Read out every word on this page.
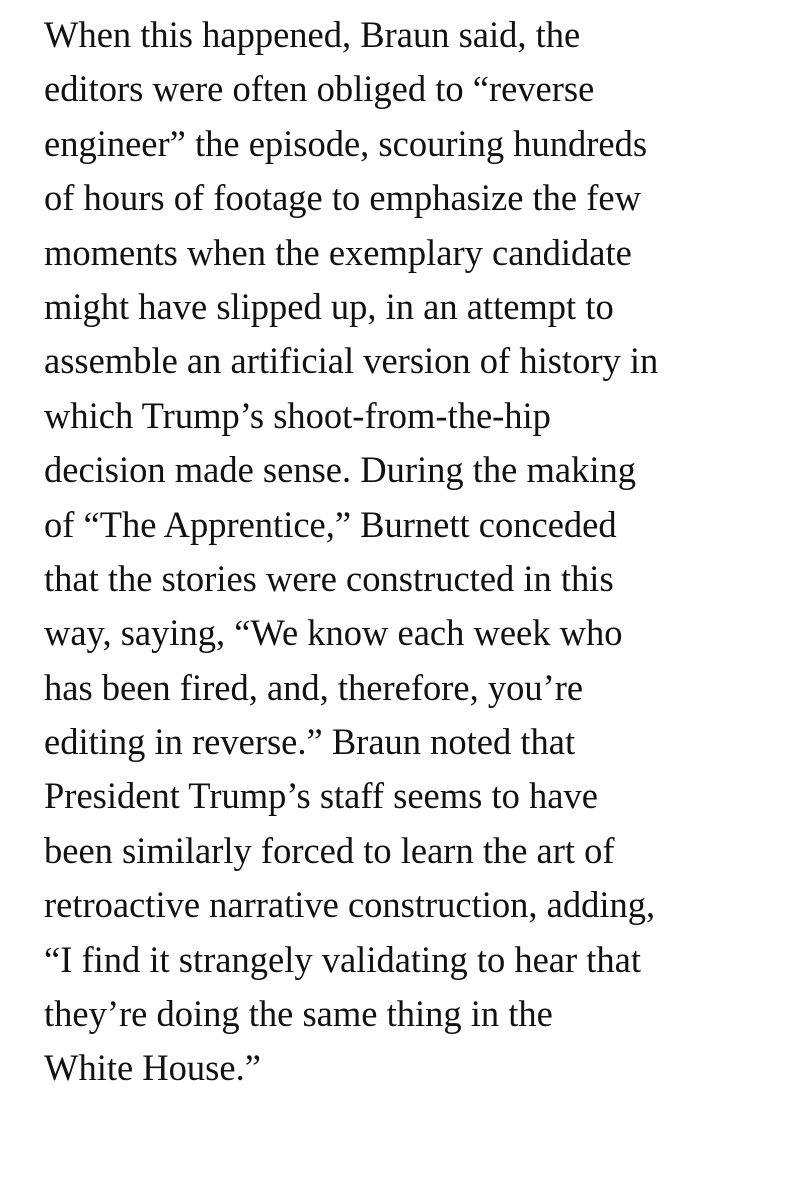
When this happened, Braun said, the
editors were often obliged to “reverse
engineer” the episode, scouring hundreds
of hours of footage to emphasize the few
moments when the exemplary candidate
might have slipped up, in an attempt to
assemble an artificial version of history in
which Trump’s shoot-from-the-hip
decision made sense. During the making
of “The Apprentice,” Burnett conceded
that the stories were constructed in this
way, saying, “We know each week who
has been fired, and, therefore, you’re
editing in reverse.” Braun noted that
President Trump’s staff seems to have
been similarly forced to learn the art of
retroactive narrative construction, adding,
“I find it strangely validating to hear that
they’re doing the same thing in the
White House.”
